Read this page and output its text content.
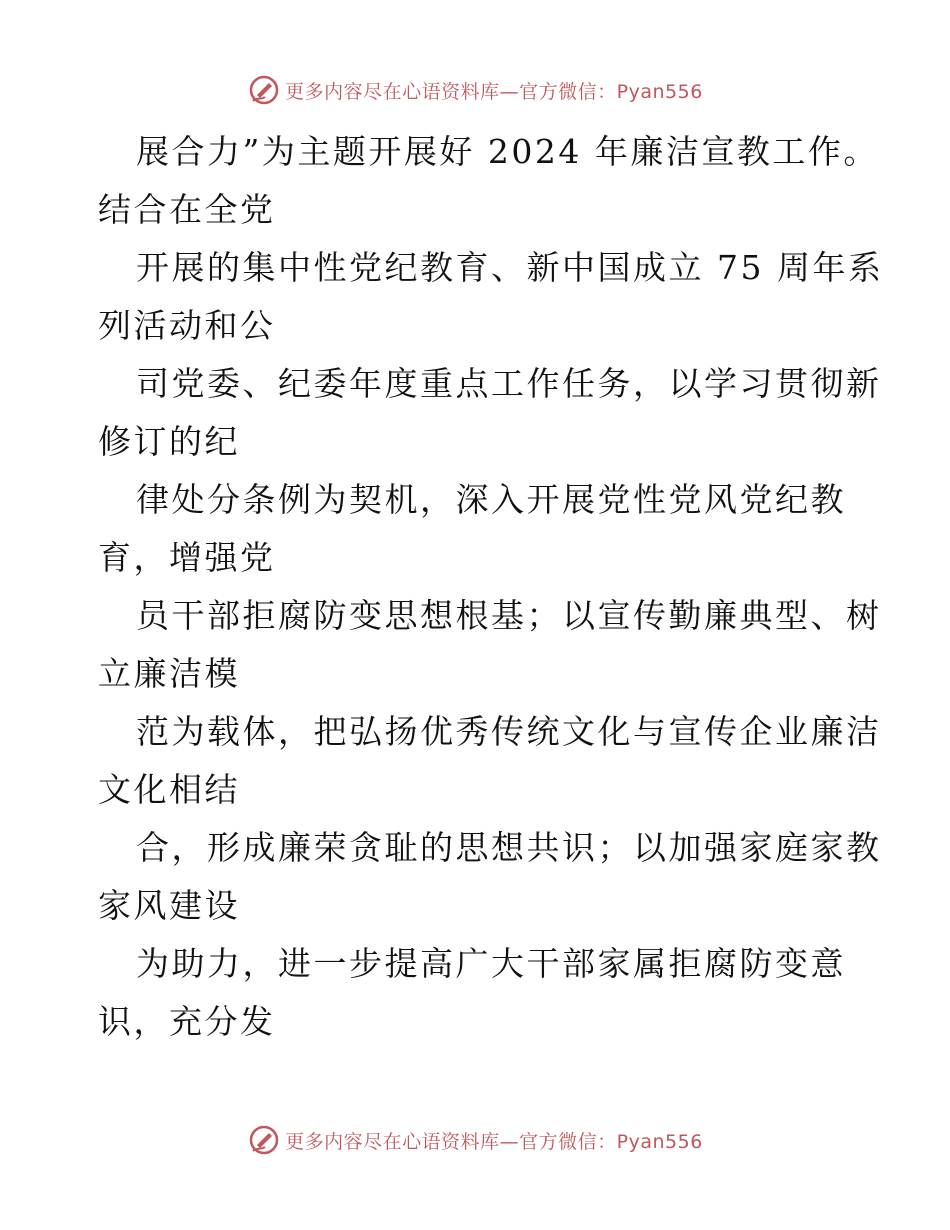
更多内容尽在心语资料库—官方微信：Pyan556
展合力”为主题开展好 2024 年廉洁宣教工作。
结合在全党
开展的集中性党纪教育、新中国成立 75 周年系
列活动和公
司党委、纪委年度重点工作任务，以学习贯彻新
修订的纪
律处分条例为契机，深入开展党性党风党纪教
育，增强党
员干部拒腐防变思想根基；以宣传勤廉典型、树
立廉洁模
范为载体，把弘扬优秀传统文化与宣传企业廉洁
文化相结
合，形成廉荣贪耻的思想共识；以加强家庭家教
家风建设
为助力，进一步提高广大干部家属拒腐防变意
识，充分发
更多内容尽在心语资料库—官方微信：Pyan556
